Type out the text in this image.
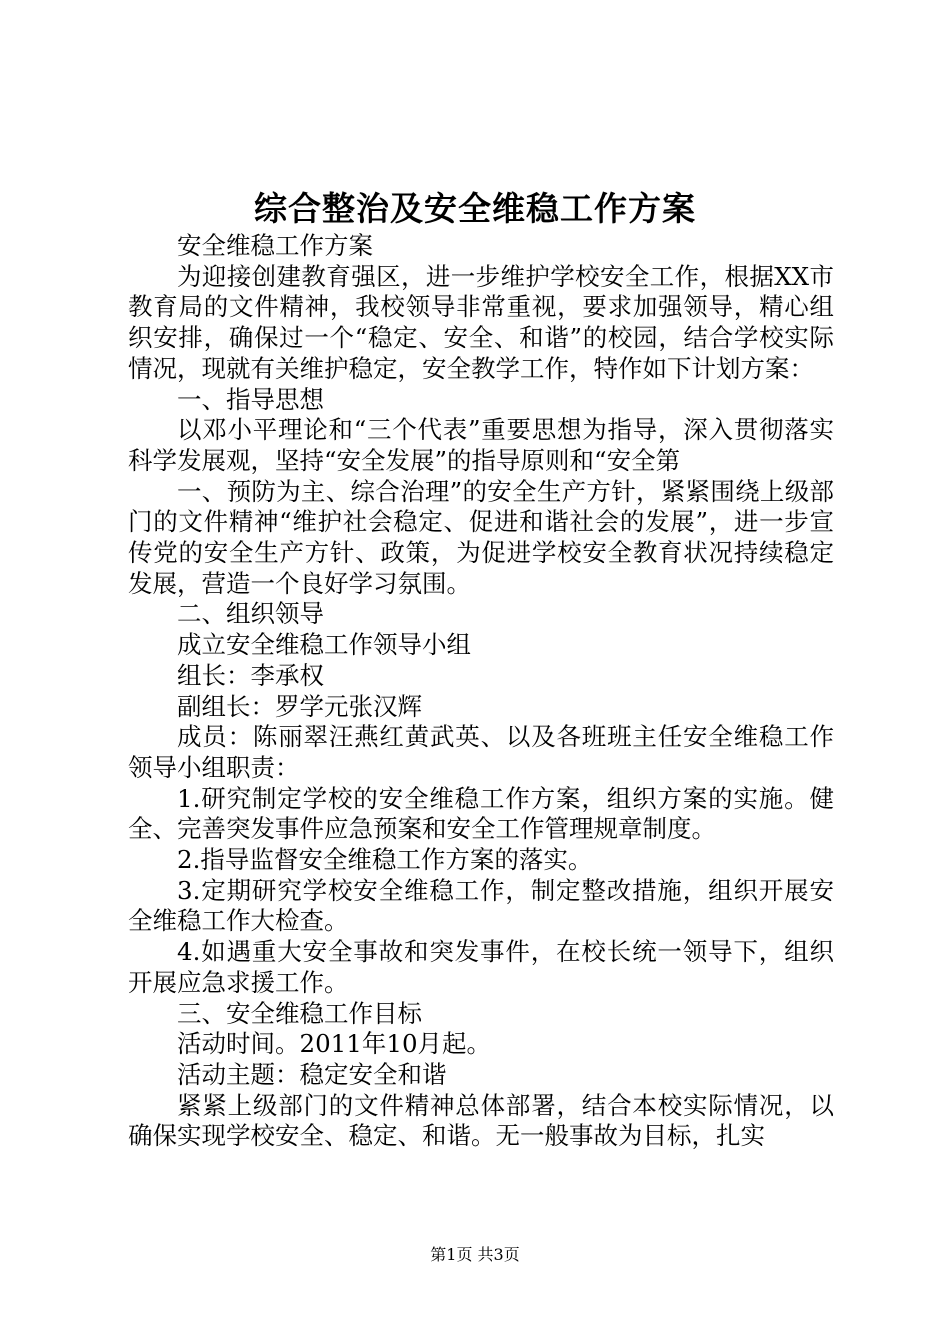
综合整治及安全维稳工作方案

安全维稳工作方案

为迎接创建教育强区，进一步维护学校安全工作，根据XX市教育局的文件精神，我校领导非常重视，要求加强领导，精心组织安排，确保过一个“稳定、安全、和谐”的校园，结合学校实际情况，现就有关维护稳定，安全教学工作，特作如下计划方案：

一、指导思想

以邓小平理论和“三个代表”重要思想为指导，深入贯彻落实科学发展观，坚持“安全发展”的指导原则和“安全第

一、预防为主、综合治理”的安全生产方针，紧紧围绕上级部门的文件精神“维护社会稳定、促进和谐社会的发展”，进一步宣传党的安全生产方针、政策，为促进学校安全教育状况持续稳定发展，营造一个良好学习氛围。

二、组织领导

成立安全维稳工作领导小组

组长：李承权

副组长：罗学元张汉辉

成员：陈丽翠汪燕红黄武英、以及各班班主任安全维稳工作领导小组职责：

1.研究制定学校的安全维稳工作方案，组织方案的实施。健全、完善突发事件应急预案和安全工作管理规章制度。

2.指导监督安全维稳工作方案的落实。

3.定期研究学校安全维稳工作，制定整改措施，组织开展安全维稳工作大检查。

4.如遇重大安全事故和突发事件，在校长统一领导下，组织开展应急求援工作。

三、安全维稳工作目标

活动时间。2011年10月起。

活动主题：稳定安全和谐

紧紧上级部门的文件精神总体部署，结合本校实际情况，以确保实现学校安全、稳定、和谐。无一般事故为目标，扎实

第1页 共3页
